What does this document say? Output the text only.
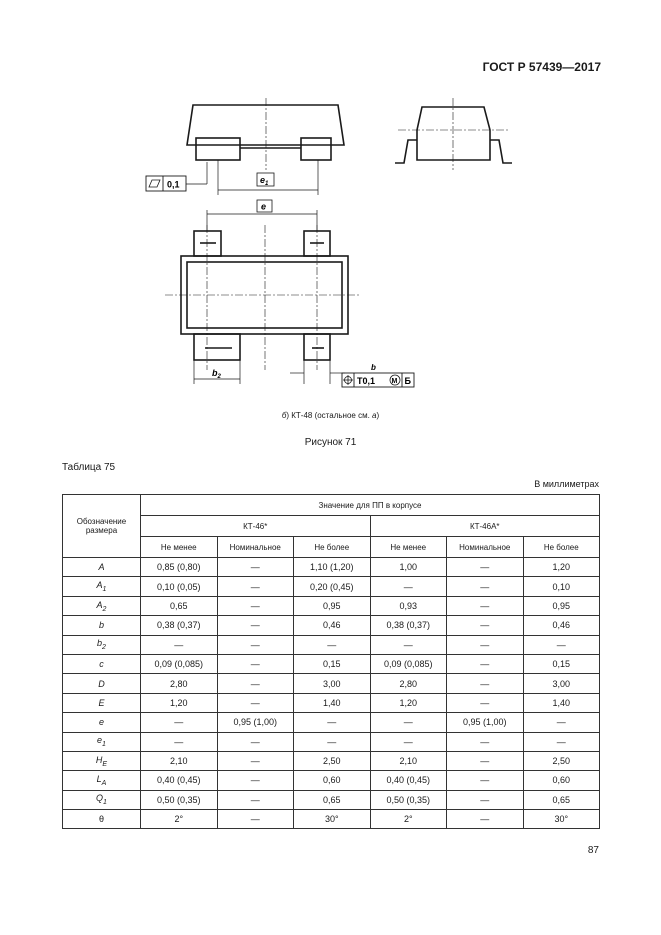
ГОСТ Р 57439—2017
0,1	$e_1$
e
$b_2$
b
T0,1 M Б
б) КТ-48 (остальное см. а)
Рисунок 71
Таблица 75
В миллиметрах
Обозначение размера	Значение для ПП в корпусе					
	КТ-46*			КТ-46А*		
	Не менее	Номинальное	Не более	Не менее	Номинальное	Не более
A	0,85 (0,80)	—	1,10 (1,20)	1,00	—	1,20
$A_1$	0,10 (0,05)	—	0,20 (0,45)	—	—	0,10
$A_2$	0,65	—	0,95	0,93	—	0,95
b	0,38 (0,37)	—	0,46	0,38 (0,37)	—	0,46
$b_2$	—	—	—	—	—	—
c	0,09 (0,085)	—	0,15	0,09 (0,085)	—	0,15
D	2,80	—	3,00	2,80	—	3,00
E	1,20	—	1,40	1,20	—	1,40
e	—	0,95 (1,00)	—	—	0,95 (1,00)	—
$e_1$	—	—	—	—	—	—
$H_E$	2,10	—	2,50	2,10	—	2,50
$L_A$	0,40 (0,45)	—	0,60	0,40 (0,45)	—	0,60
$Q_1$	0,50 (0,35)	—	0,65	0,50 (0,35)	—	0,65
θ	2°	—	30°	2°	—	30°
87
